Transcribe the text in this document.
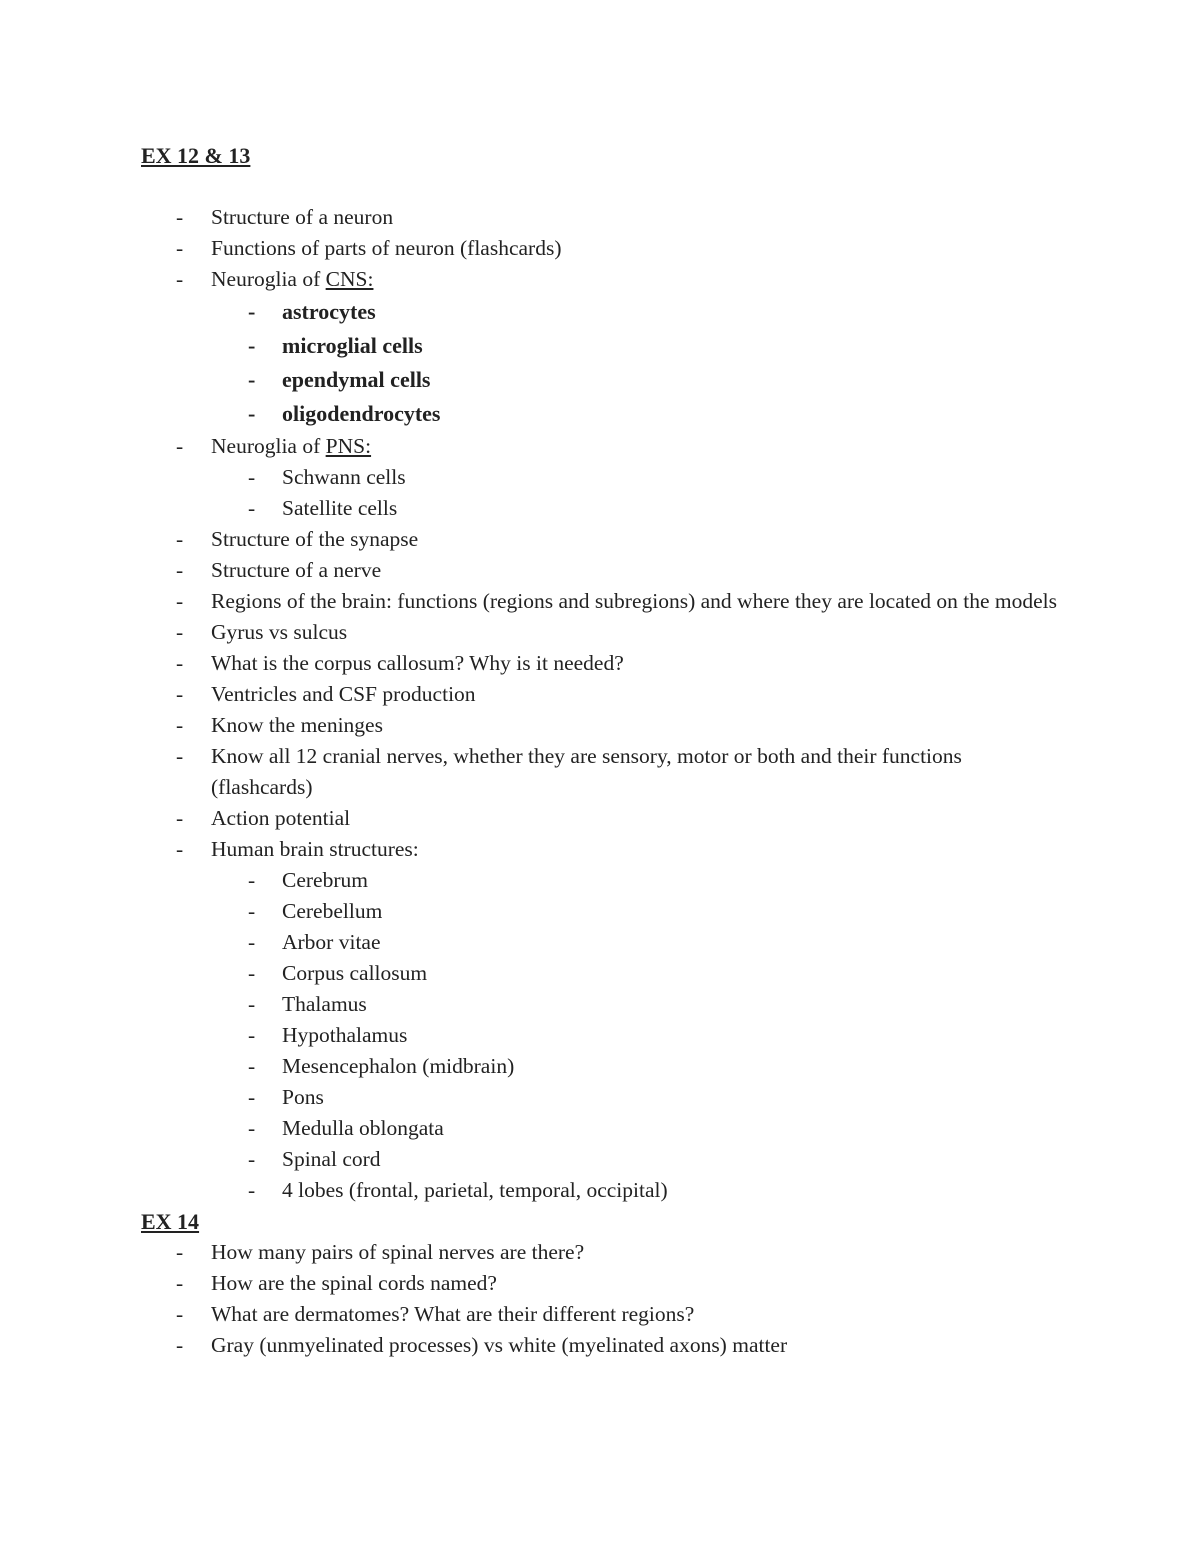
EX 12 & 13
- Structure of a neuron
- Functions of parts of neuron (flashcards)
- Neuroglia of CNS:
- astrocytes
- microglial cells
- ependymal cells
- oligodendrocytes
- Neuroglia of PNS:
- Schwann cells
- Satellite cells
- Structure of the synapse
- Structure of a nerve
- Regions of the brain: functions (regions and subregions) and where they are located on the models
- Gyrus vs sulcus
- What is the corpus callosum? Why is it needed?
- Ventricles and CSF production
- Know the meninges
- Know all 12 cranial nerves, whether they are sensory, motor or both and their functions (flashcards)
- Action potential
- Human brain structures:
- Cerebrum
- Cerebellum
- Arbor vitae
- Corpus callosum
- Thalamus
- Hypothalamus
- Mesencephalon (midbrain)
- Pons
- Medulla oblongata
- Spinal cord
- 4 lobes (frontal, parietal, temporal, occipital)
EX 14
- How many pairs of spinal nerves are there?
- How are the spinal cords named?
- What are dermatomes? What are their different regions?
- Gray (unmyelinated processes) vs white (myelinated axons) matter
